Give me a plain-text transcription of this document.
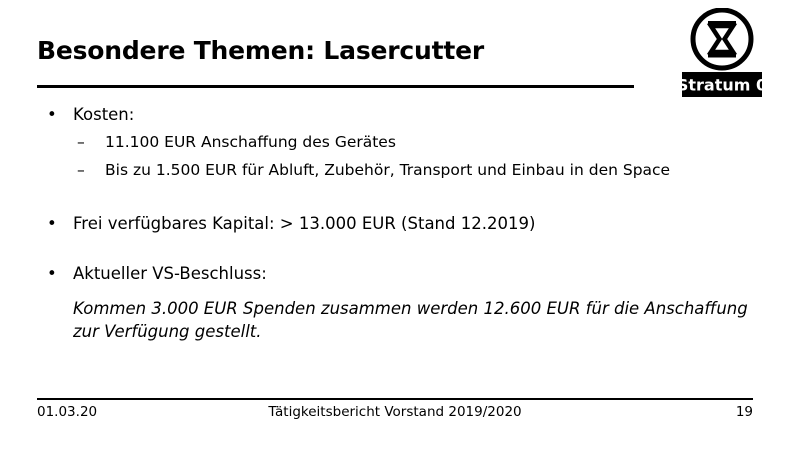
Stratum 0
Besondere Themen: Lasercutter
• Kosten:
– 11.100 EUR Anschaffung des Gerätes
– Bis zu 1.500 EUR für Abluft, Zubehör, Transport und Einbau in den Space
• Frei verfügbares Kapital: > 13.000 EUR (Stand 12.2019)
• Aktueller VS-Beschluss:
Kommen 3.000 EUR Spenden zusammen werden 12.600 EUR für die Anschaffung zur Verfügung gestellt.
01.03.20	Tätigkeitsbericht Vorstand 2019/2020	19
